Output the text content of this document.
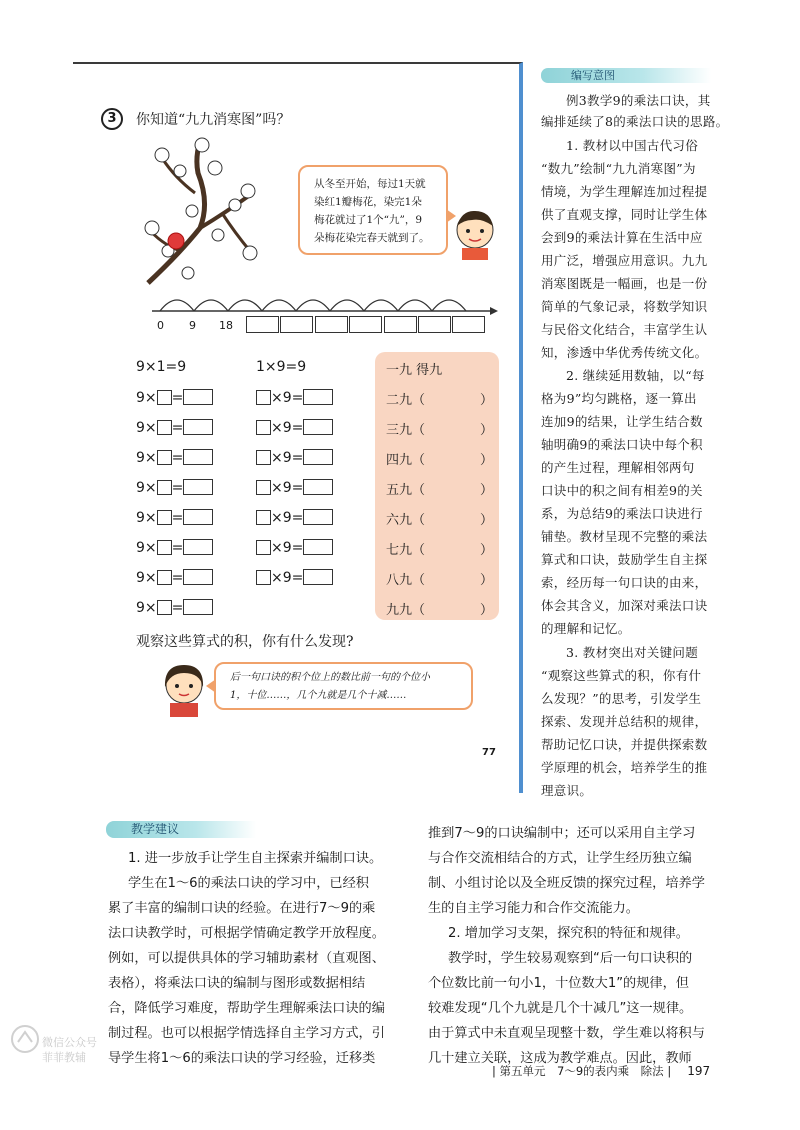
3	你知道“九九消寒图”吗？
从冬至开始，每过1天就
染红1瓣梅花，染完1朵
梅花就过了1个“九”，9
朵梅花染完春天就到了。
0 9 18
9×1=9
9× =
9× =
9× =
9× =
9× =
9× =
9× =
9× =
1×9=9
×9=
×9=
×9=
×9=
×9=
×9=
×9=
一九 得九
二九（
三九（
四九（
五九（
六九（
七九（
八九（
九九（
）
）
）
）
）
）
）
）
观察这些算式的积，你有什么发现?
后一句口诀的积个位上的数比前一句的个位小
1，十位……，几个九就是几个十减……
77
编写意图
例3教学9的乘法口诀，其
编排延续了8的乘法口诀的思路。
1. 教材以中国古代习俗
“数九”绘制“九九消寒图”为
情境，为学生理解连加过程提
供了直观支撑，同时让学生体
会到9的乘法计算在生活中应
用广泛，增强应用意识。九九
消寒图既是一幅画，也是一份
简单的气象记录，将数学知识
与民俗文化结合，丰富学生认
知，渗透中华优秀传统文化。
2. 继续延用数轴，以“每
格为9”均匀跳格，逐一算出
连加9的结果，让学生结合数
轴明确9的乘法口诀中每个积
的产生过程，理解相邻两句
口诀中的积之间有相差9的关
系，为总结9的乘法口诀进行
铺垫。教材呈现不完整的乘法
算式和口诀，鼓励学生自主探
索，经历每一句口诀的由来，
体会其含义，加深对乘法口诀
的理解和记忆。
3. 教材突出对关键问题
“观察这些算式的积，你有什
么发现？”的思考，引发学生
探索、发现并总结积的规律，
帮助记忆口诀，并提供探索数
学原理的机会，培养学生的推
理意识。
教学建议
1. 进一步放手让学生自主探索并编制口诀。
学生在1～6的乘法口诀的学习中，已经积
累了丰富的编制口诀的经验。在进行7～9的乘
法口诀教学时，可根据学情确定教学开放程度。
例如，可以提供具体的学习辅助素材（直观图、
表格），将乘法口诀的编制与图形或数据相结
合，降低学习难度，帮助学生理解乘法口诀的编
制过程。也可以根据学情选择自主学习方式，引
导学生将1～6的乘法口诀的学习经验，迁移类
推到7～9的口诀编制中；还可以采用自主学习
与合作交流相结合的方式，让学生经历独立编
制、小组讨论以及全班反馈的探究过程，培养学
生的自主学习能力和合作交流能力。
2. 增加学习支架，探究积的特征和规律。
教学时，学生较易观察到“后一句口诀积的
个位数比前一句小1，十位数大1”的规律，但
较难发现“几个九就是几个十减几”这一规律。
由于算式中未直观呈现整十数，学生难以将积与
几十建立关联，这成为教学难点。因此，教师
| 第五单元　7～9的表内乘　除法 | 197
微信公众号
菲菲教辅
